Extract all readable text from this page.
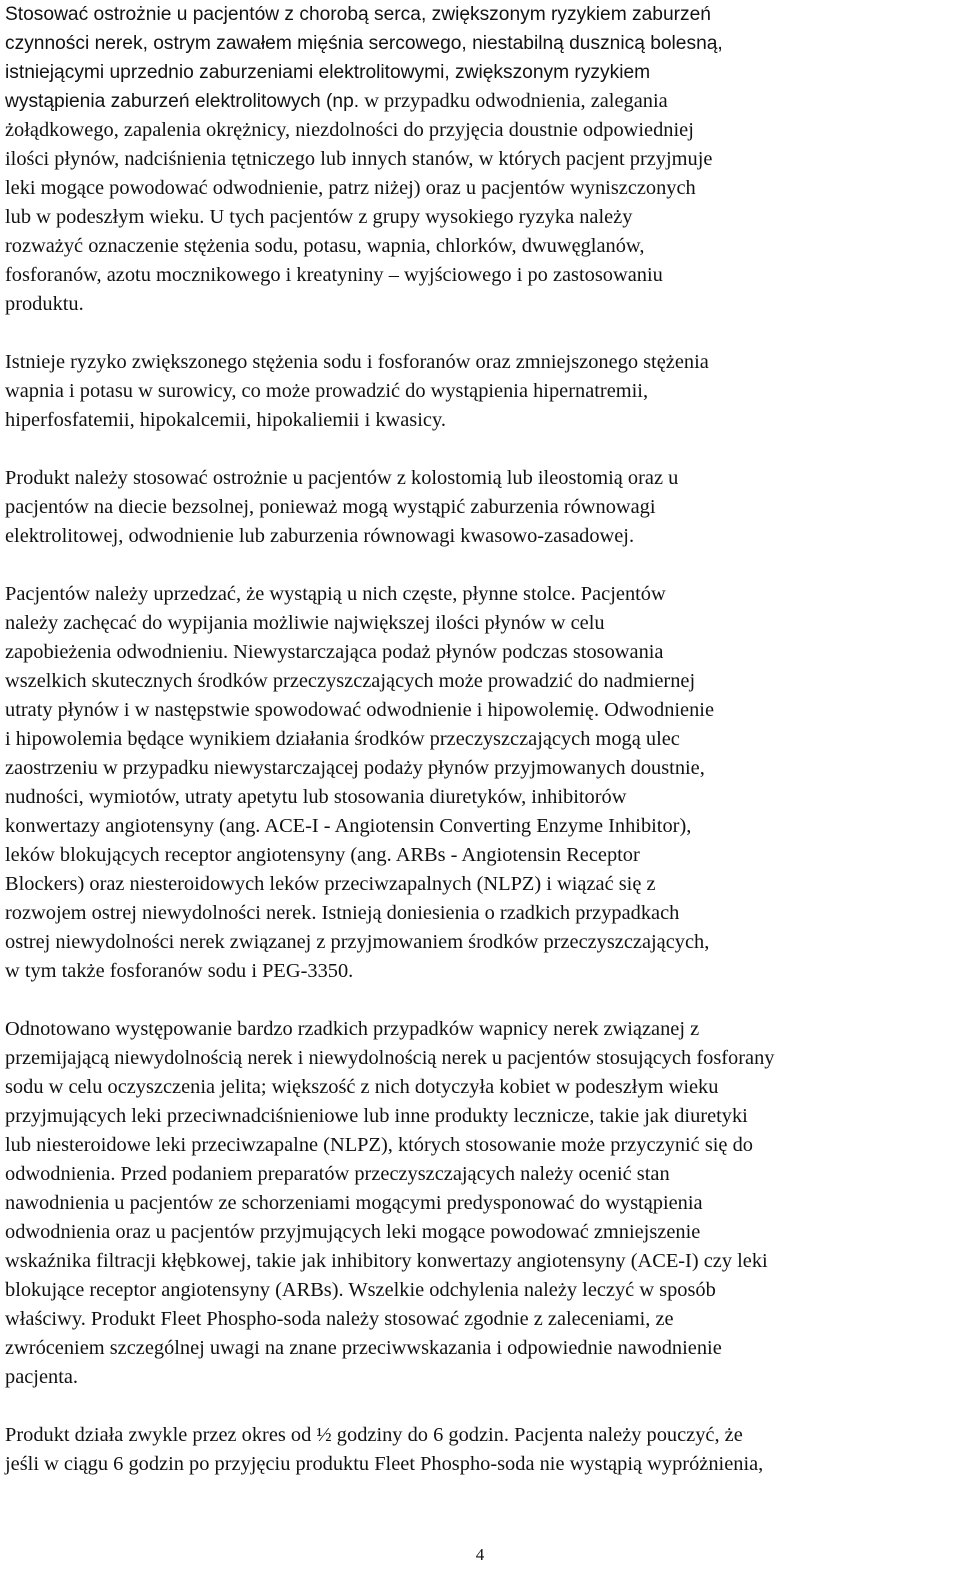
Stosować ostrożnie u pacjentów z chorobą serca, zwiększonym ryzykiem zaburzeń

czynności nerek, ostrym zawałem mięśnia sercowego, niestabilną dusznicą bolesną,

istniejącymi uprzednio zaburzeniami elektrolitowymi, zwiększonym ryzykiem

wystąpienia zaburzeń elektrolitowych (np. w przypadku odwodnienia, zalegania

żołądkowego, zapalenia okrężnicy, niezdolności do przyjęcia doustnie odpowiedniej

ilości płynów, nadciśnienia tętniczego lub innych stanów, w których pacjent przyjmuje

leki mogące powodować odwodnienie, patrz niżej) oraz u pacjentów wyniszczonych

lub w podeszłym wieku. U tych pacjentów z grupy wysokiego ryzyka należy

rozważyć oznaczenie stężenia sodu, potasu, wapnia, chlorków, dwuwęglanów,

fosforanów, azotu mocznikowego i kreatyniny – wyjściowego i po zastosowaniu

produktu.

Istnieje ryzyko zwiększonego stężenia sodu i fosforanów oraz zmniejszonego stężenia

wapnia i potasu w surowicy, co może prowadzić do wystąpienia hipernatremii,

hiperfosfatemii, hipokalcemii, hipokaliemii i kwasicy.

Produkt należy stosować ostrożnie u pacjentów z kolostomią lub ileostomią oraz u

pacjentów na diecie bezsolnej, ponieważ mogą wystąpić zaburzenia równowagi

elektrolitowej, odwodnienie lub zaburzenia równowagi kwasowo-zasadowej.

Pacjentów należy uprzedzać, że wystąpią u nich częste, płynne stolce. Pacjentów

należy zachęcać do wypijania możliwie największej ilości płynów w celu

zapobieżenia odwodnieniu. Niewystarczająca podaż płynów podczas stosowania

wszelkich skutecznych środków przeczyszczających może prowadzić do nadmiernej

utraty płynów i w następstwie spowodować odwodnienie i hipowolemię. Odwodnienie

i hipowolemia będące wynikiem działania środków przeczyszczających mogą ulec

zaostrzeniu w przypadku niewystarczającej podaży płynów przyjmowanych doustnie,

nudności, wymiotów, utraty apetytu lub stosowania diuretyków, inhibitorów

konwertazy angiotensyny (ang. ACE-I - Angiotensin Converting Enzyme Inhibitor),

leków blokujących receptor angiotensyny (ang. ARBs - Angiotensin Receptor

Blockers) oraz niesteroidowych leków przeciwzapalnych (NLPZ) i wiązać się z

rozwojem ostrej niewydolności nerek. Istnieją doniesienia o rzadkich przypadkach

ostrej niewydolności nerek związanej z przyjmowaniem środków przeczyszczających,

w tym także fosforanów sodu i PEG-3350.

Odnotowano występowanie bardzo rzadkich przypadków wapnicy nerek związanej z

przemijającą niewydolnością nerek i niewydolnością nerek u pacjentów stosujących fosforany

sodu w celu oczyszczenia jelita; większość z nich dotyczyła kobiet w podeszłym wieku

przyjmujących leki przeciwnadciśnieniowe lub inne produkty lecznicze, takie jak diuretyki

lub niesteroidowe leki przeciwzapalne (NLPZ), których stosowanie może przyczynić się do

odwodnienia. Przed podaniem preparatów przeczyszczających należy ocenić stan

nawodnienia u pacjentów ze schorzeniami mogącymi predysponować do wystąpienia

odwodnienia oraz u pacjentów przyjmujących leki mogące powodować zmniejszenie

wskaźnika filtracji kłębkowej, takie jak inhibitory konwertazy angiotensyny (ACE-I) czy leki

blokujące receptor angiotensyny (ARBs). Wszelkie odchylenia należy leczyć w sposób

właściwy. Produkt Fleet Phospho-soda należy stosować zgodnie z zaleceniami, ze

zwróceniem szczególnej uwagi na znane przeciwwskazania i odpowiednie nawodnienie

pacjenta.

Produkt działa zwykle przez okres od ½ godziny do 6 godzin. Pacjenta należy pouczyć, że

jeśli w ciągu 6 godzin po przyjęciu produktu Fleet Phospho-soda nie wystąpią wypróżnienia,

4
